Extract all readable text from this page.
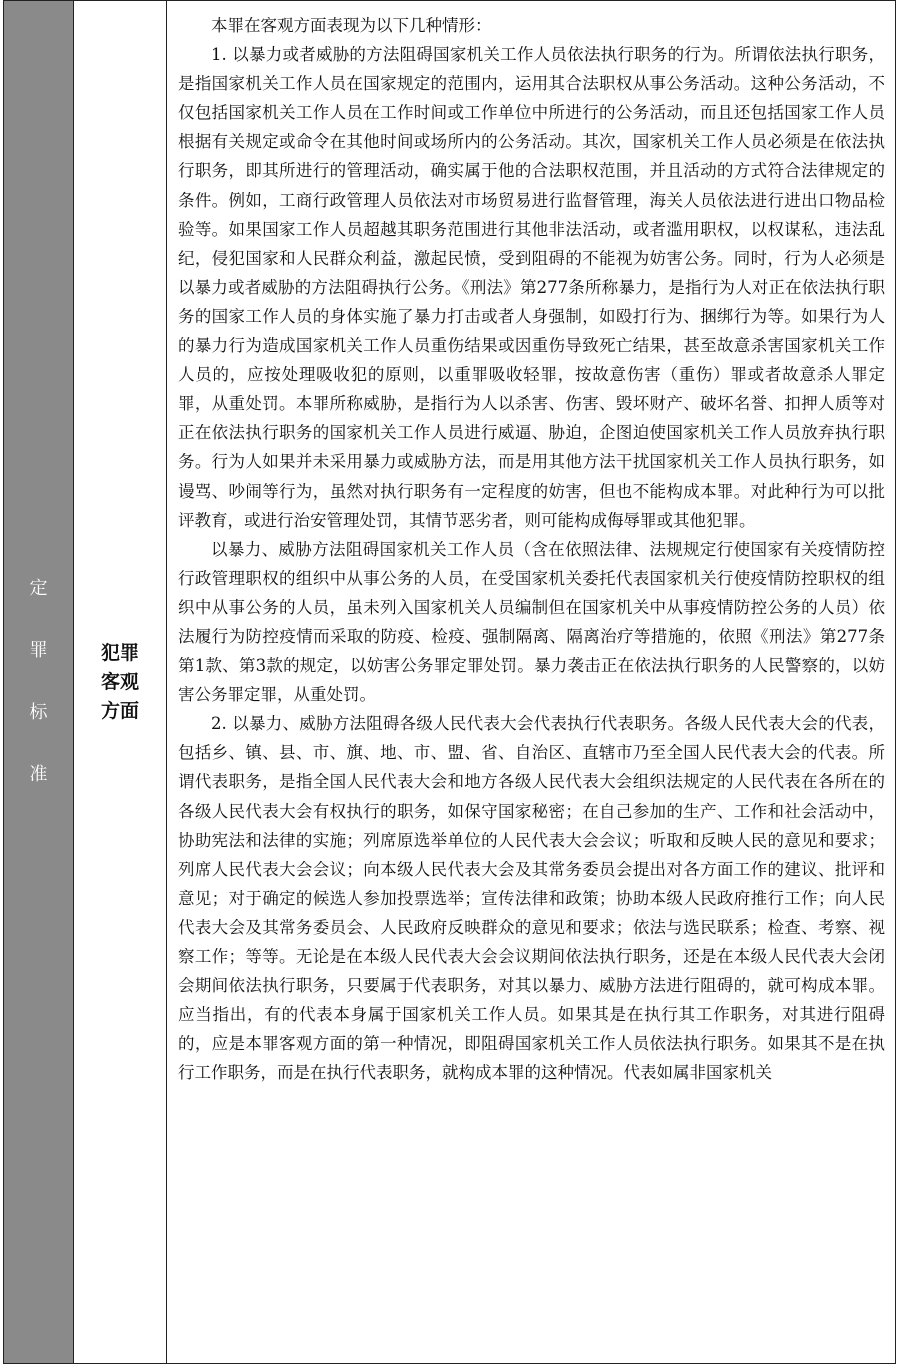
定
罪
标
准
犯罪
客观
方面

本罪在客观方面表现为以下几种情形：

1. 以暴力或者威胁的方法阻碍国家机关工作人员依法执行职务的行为。所谓依法执行职务，是指国家机关工作人员在国家规定的范围内，运用其合法职权从事公务活动。这种公务活动，不仅包括国家机关工作人员在工作时间或工作单位中所进行的公务活动，而且还包括国家工作人员根据有关规定或命令在其他时间或场所内的公务活动。其次，国家机关工作人员必须是在依法执行职务，即其所进行的管理活动，确实属于他的合法职权范围，并且活动的方式符合法律规定的条件。例如，工商行政管理人员依法对市场贸易进行监督管理，海关人员依法进行进出口物品检验等。如果国家工作人员超越其职务范围进行其他非法活动，或者滥用职权，以权谋私，违法乱纪，侵犯国家和人民群众利益，激起民愤，受到阻碍的不能视为妨害公务。同时，行为人必须是以暴力或者威胁的方法阻碍执行公务。《刑法》第277条所称暴力，是指行为人对正在依法执行职务的国家工作人员的身体实施了暴力打击或者人身强制，如殴打行为、捆绑行为等。如果行为人的暴力行为造成国家机关工作人员重伤结果或因重伤导致死亡结果，甚至故意杀害国家机关工作人员的，应按处理吸收犯的原则，以重罪吸收轻罪，按故意伤害（重伤）罪或者故意杀人罪定罪，从重处罚。本罪所称威胁，是指行为人以杀害、伤害、毁坏财产、破坏名誉、扣押人质等对正在依法执行职务的国家机关工作人员进行威逼、胁迫，企图迫使国家机关工作人员放弃执行职务。行为人如果并未采用暴力或威胁方法，而是用其他方法干扰国家机关工作人员执行职务，如谩骂、吵闹等行为，虽然对执行职务有一定程度的妨害，但也不能构成本罪。对此种行为可以批评教育，或进行治安管理处罚，其情节恶劣者，则可能构成侮辱罪或其他犯罪。

以暴力、威胁方法阻碍国家机关工作人员（含在依照法律、法规规定行使国家有关疫情防控行政管理职权的组织中从事公务的人员，在受国家机关委托代表国家机关行使疫情防控职权的组织中从事公务的人员，虽未列入国家机关人员编制但在国家机关中从事疫情防控公务的人员）依法履行为防控疫情而采取的防疫、检疫、强制隔离、隔离治疗等措施的，依照《刑法》第277条第1款、第3款的规定，以妨害公务罪定罪处罚。暴力袭击正在依法执行职务的人民警察的，以妨害公务罪定罪，从重处罚。

2. 以暴力、威胁方法阻碍各级人民代表大会代表执行代表职务。各级人民代表大会的代表，包括乡、镇、县、市、旗、地、市、盟、省、自治区、直辖市乃至全国人民代表大会的代表。所谓代表职务，是指全国人民代表大会和地方各级人民代表大会组织法规定的人民代表在各所在的各级人民代表大会有权执行的职务，如保守国家秘密；在自己参加的生产、工作和社会活动中，协助宪法和法律的实施；列席原选举单位的人民代表大会会议；听取和反映人民的意见和要求；列席人民代表大会会议；向本级人民代表大会及其常务委员会提出对各方面工作的建议、批评和意见；对于确定的候选人参加投票选举；宣传法律和政策；协助本级人民政府推行工作；向人民代表大会及其常务委员会、人民政府反映群众的意见和要求；依法与选民联系；检查、考察、视察工作；等等。无论是在本级人民代表大会会议期间依法执行职务，还是在本级人民代表大会闭会期间依法执行职务，只要属于代表职务，对其以暴力、威胁方法进行阻碍的，就可构成本罪。应当指出，有的代表本身属于国家机关工作人员。如果其是在执行其工作职务，对其进行阻碍的，应是本罪客观方面的第一种情况，即阻碍国家机关工作人员依法执行职务。如果其不是在执行工作职务，而是在执行代表职务，就构成本罪的这种情况。代表如属非国家机关
